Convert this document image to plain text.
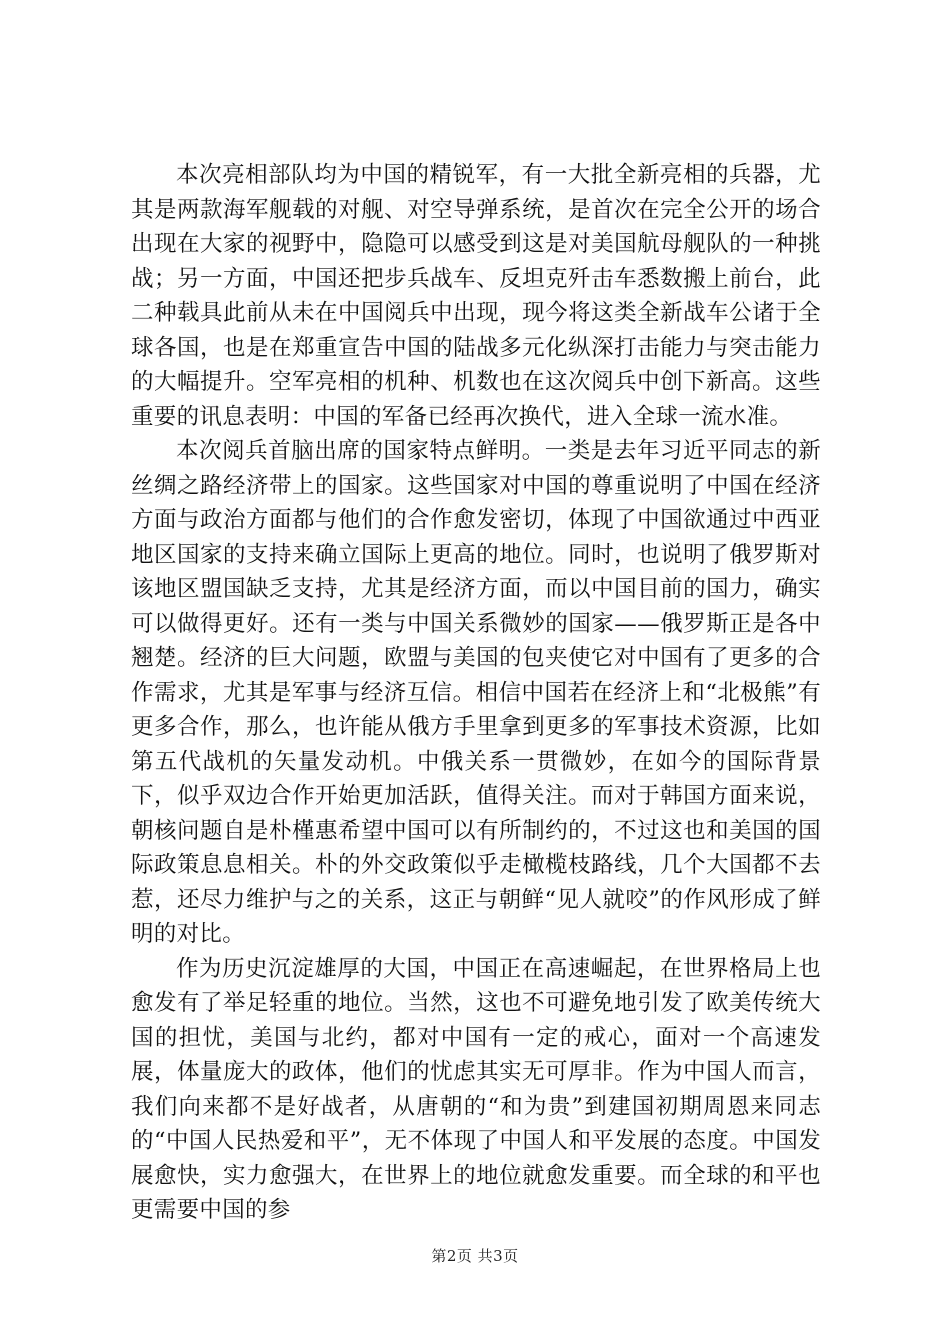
本次亮相部队均为中国的精锐军，有一大批全新亮相的兵器，尤其是两款海军舰载的对舰、对空导弹系统，是首次在完全公开的场合出现在大家的视野中，隐隐可以感受到这是对美国航母舰队的一种挑战；另一方面，中国还把步兵战车、反坦克歼击车悉数搬上前台，此二种载具此前从未在中国阅兵中出现，现今将这类全新战车公诸于全球各国，也是在郑重宣告中国的陆战多元化纵深打击能力与突击能力的大幅提升。空军亮相的机种、机数也在这次阅兵中创下新高。这些重要的讯息表明：中国的军备已经再次换代，进入全球一流水准。

本次阅兵首脑出席的国家特点鲜明。一类是去年习近平同志的新丝绸之路经济带上的国家。这些国家对中国的尊重说明了中国在经济方面与政治方面都与他们的合作愈发密切，体现了中国欲通过中西亚地区国家的支持来确立国际上更高的地位。同时，也说明了俄罗斯对该地区盟国缺乏支持，尤其是经济方面，而以中国目前的国力，确实可以做得更好。还有一类与中国关系微妙的国家——俄罗斯正是各中翘楚。经济的巨大问题，欧盟与美国的包夹使它对中国有了更多的合作需求，尤其是军事与经济互信。相信中国若在经济上和“北极熊”有更多合作，那么，也许能从俄方手里拿到更多的军事技术资源，比如第五代战机的矢量发动机。中俄关系一贯微妙，在如今的国际背景下，似乎双边合作开始更加活跃，值得关注。而对于韩国方面来说，朝核问题自是朴槿惠希望中国可以有所制约的，不过这也和美国的国际政策息息相关。朴的外交政策似乎走橄榄枝路线，几个大国都不去惹，还尽力维护与之的关系，这正与朝鲜“见人就咬”的作风形成了鲜明的对比。

作为历史沉淀雄厚的大国，中国正在高速崛起，在世界格局上也愈发有了举足轻重的地位。当然，这也不可避免地引发了欧美传统大国的担忧，美国与北约，都对中国有一定的戒心，面对一个高速发展，体量庞大的政体，他们的忧虑其实无可厚非。作为中国人而言，我们向来都不是好战者，从唐朝的“和为贵”到建国初期周恩来同志的“中国人民热爱和平”，无不体现了中国人和平发展的态度。中国发展愈快，实力愈强大，在世界上的地位就愈发重要。而全球的和平也更需要中国的参

第2页 共3页
